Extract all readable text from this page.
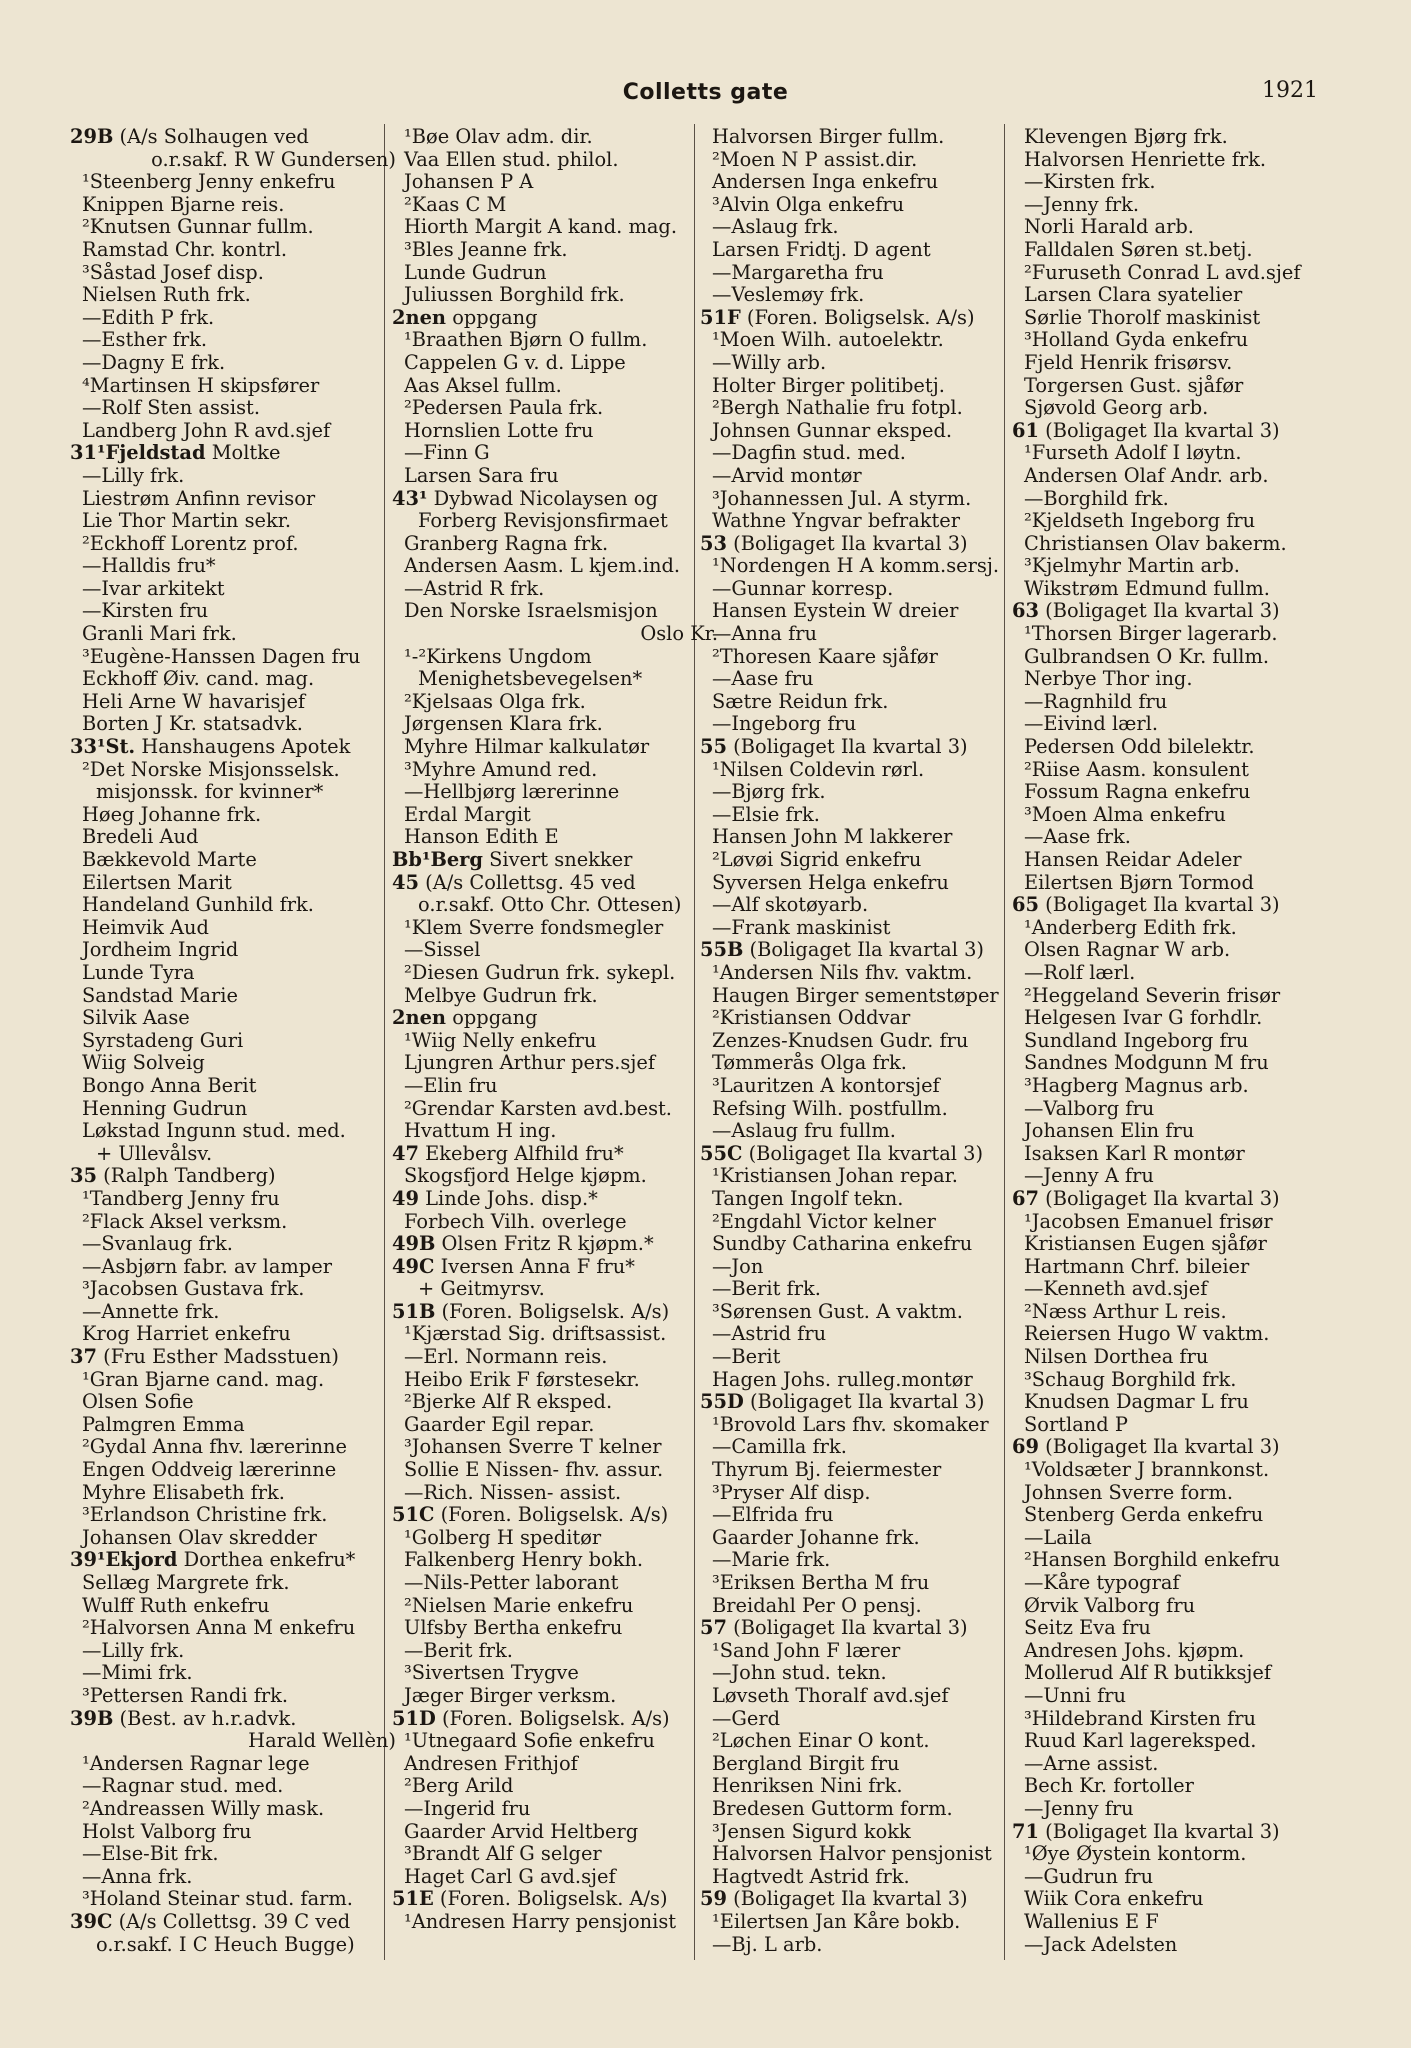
Colletts gate	1921
29B (A/s Solhaugen ved
o.r.sakf. R W Gundersen)
¹Steenberg Jenny enkefru
Knippen Bjarne reis.
²Knutsen Gunnar fullm.
Ramstad Chr. kontrl.
³Såstad Josef disp.
Nielsen Ruth frk.
—Edith P frk.
—Esther frk.
—Dagny E frk.
⁴Martinsen H skipsfører
—Rolf Sten assist.
Landberg John R avd.sjef
31¹Fjeldstad Moltke
—Lilly frk.
Liestrøm Anfinn revisor
Lie Thor Martin sekr.
²Eckhoff Lorentz prof.
—Halldis fru*
—Ivar arkitekt
—Kirsten fru
Granli Mari frk.
³Eugène-Hanssen Dagen fru
Eckhoff Øiv. cand. mag.
Heli Arne W havarisjef
Borten J Kr. statsadvk.
33¹St. Hanshaugens Apotek
²Det Norske Misjonsselsk.
misjonssk. for kvinner*
Høeg Johanne frk.
Bredeli Aud
Bækkevold Marte
Eilertsen Marit
Handeland Gunhild frk.
Heimvik Aud
Jordheim Ingrid
Lunde Tyra
Sandstad Marie
Silvik Aase
Syrstadeng Guri
Wiig Solveig
Bongo Anna Berit
Henning Gudrun
Løkstad Ingunn stud. med.
+ Ullevålsv.
35 (Ralph Tandberg)
¹Tandberg Jenny fru
²Flack Aksel verksm.
—Svanlaug frk.
—Asbjørn fabr. av lamper
³Jacobsen Gustava frk.
—Annette frk.
Krog Harriet enkefru
37 (Fru Esther Madsstuen)
¹Gran Bjarne cand. mag.
Olsen Sofie
Palmgren Emma
²Gydal Anna fhv. lærerinne
Engen Oddveig lærerinne
Myhre Elisabeth frk.
³Erlandson Christine frk.
Johansen Olav skredder
39¹Ekjord Dorthea enkefru*
Sellæg Margrete frk.
Wulff Ruth enkefru
²Halvorsen Anna M enkefru
—Lilly frk.
—Mimi frk.
³Pettersen Randi frk.
39B (Best. av h.r.advk.
Harald Wellèn)
¹Andersen Ragnar lege
—Ragnar stud. med.
²Andreassen Willy mask.
Holst Valborg fru
—Else-Bit frk.
—Anna frk.
³Holand Steinar stud. farm.
39C (A/s Collettsg. 39 C ved
o.r.sakf. I C Heuch Bugge)
¹Bøe Olav adm. dir.
Vaa Ellen stud. philol.
Johansen P A
²Kaas C M
Hiorth Margit A kand. mag.
³Bles Jeanne frk.
Lunde Gudrun
Juliussen Borghild frk.
2nen oppgang
¹Braathen Bjørn O fullm.
Cappelen G v. d. Lippe
Aas Aksel fullm.
²Pedersen Paula frk.
Hornslien Lotte fru
—Finn G
Larsen Sara fru
43¹ Dybwad Nicolaysen og
Forberg Revisjonsfirmaet
Granberg Ragna frk.
Andersen Aasm. L kjem.ind.
—Astrid R frk.
Den Norske Israelsmisjon
Oslo Kr.
¹-²Kirkens Ungdom
Menighetsbevegelsen*
²Kjelsaas Olga frk.
Jørgensen Klara frk.
Myhre Hilmar kalkulatør
³Myhre Amund red.
—Hellbjørg lærerinne
Erdal Margit
Hanson Edith E
Bb¹Berg Sivert snekker
45 (A/s Collettsg. 45 ved
o.r.sakf. Otto Chr. Ottesen)
¹Klem Sverre fondsmegler
—Sissel
²Diesen Gudrun frk. sykepl.
Melbye Gudrun frk.
2nen oppgang
¹Wiig Nelly enkefru
Ljungren Arthur pers.sjef
—Elin fru
²Grendar Karsten avd.best.
Hvattum H ing.
47 Ekeberg Alfhild fru*
Skogsfjord Helge kjøpm.
49 Linde Johs. disp.*
Forbech Vilh. overlege
49B Olsen Fritz R kjøpm.*
49C Iversen Anna F fru*
+ Geitmyrsv.
51B (Foren. Boligselsk. A/s)
¹Kjærstad Sig. driftsassist.
—Erl. Normann reis.
Heibo Erik F førstesekr.
²Bjerke Alf R eksped.
Gaarder Egil repar.
³Johansen Sverre T kelner
Sollie E Nissen- fhv. assur.
—Rich. Nissen- assist.
51C (Foren. Boligselsk. A/s)
¹Golberg H speditør
Falkenberg Henry bokh.
—Nils-Petter laborant
²Nielsen Marie enkefru
Ulfsby Bertha enkefru
—Berit frk.
³Sivertsen Trygve
Jæger Birger verksm.
51D (Foren. Boligselsk. A/s)
¹Utnegaard Sofie enkefru
Andresen Frithjof
²Berg Arild
—Ingerid fru
Gaarder Arvid Heltberg
³Brandt Alf G selger
Haget Carl G avd.sjef
51E (Foren. Boligselsk. A/s)
¹Andresen Harry pensjonist
Halvorsen Birger fullm.
²Moen N P assist.dir.
Andersen Inga enkefru
³Alvin Olga enkefru
—Aslaug frk.
Larsen Fridtj. D agent
—Margaretha fru
—Veslemøy frk.
51F (Foren. Boligselsk. A/s)
¹Moen Wilh. autoelektr.
—Willy arb.
Holter Birger politibetj.
²Bergh Nathalie fru fotpl.
Johnsen Gunnar eksped.
—Dagfin stud. med.
—Arvid montør
³Johannessen Jul. A styrm.
Wathne Yngvar befrakter
53 (Boligaget Ila kvartal 3)
¹Nordengen H A komm.sersj.
—Gunnar korresp.
Hansen Eystein W dreier
—Anna fru
²Thoresen Kaare sjåfør
—Aase fru
Sætre Reidun frk.
—Ingeborg fru
55 (Boligaget Ila kvartal 3)
¹Nilsen Coldevin rørl.
—Bjørg frk.
—Elsie frk.
Hansen John M lakkerer
²Løvøi Sigrid enkefru
Syversen Helga enkefru
—Alf skotøyarb.
—Frank maskinist
55B (Boligaget Ila kvartal 3)
¹Andersen Nils fhv. vaktm.
Haugen Birger sementstøper
²Kristiansen Oddvar
Zenzes-Knudsen Gudr. fru
Tømmerås Olga frk.
³Lauritzen A kontorsjef
Refsing Wilh. postfullm.
—Aslaug fru fullm.
55C (Boligaget Ila kvartal 3)
¹Kristiansen Johan repar.
Tangen Ingolf tekn.
²Engdahl Victor kelner
Sundby Catharina enkefru
—Jon
—Berit frk.
³Sørensen Gust. A vaktm.
—Astrid fru
—Berit
Hagen Johs. rulleg.montør
55D (Boligaget Ila kvartal 3)
¹Brovold Lars fhv. skomaker
—Camilla frk.
Thyrum Bj. feiermester
³Pryser Alf disp.
—Elfrida fru
Gaarder Johanne frk.
—Marie frk.
³Eriksen Bertha M fru
Breidahl Per O pensj.
57 (Boligaget Ila kvartal 3)
¹Sand John F lærer
—John stud. tekn.
Løvseth Thoralf avd.sjef
—Gerd
²Løchen Einar O kont.
Bergland Birgit fru
Henriksen Nini frk.
Bredesen Guttorm form.
³Jensen Sigurd kokk
Halvorsen Halvor pensjonist
Hagtvedt Astrid frk.
59 (Boligaget Ila kvartal 3)
¹Eilertsen Jan Kåre bokb.
—Bj. L arb.
Klevengen Bjørg frk.
Halvorsen Henriette frk.
—Kirsten frk.
—Jenny frk.
Norli Harald arb.
Falldalen Søren st.betj.
²Furuseth Conrad L avd.sjef
Larsen Clara syatelier
Sørlie Thorolf maskinist
³Holland Gyda enkefru
Fjeld Henrik frisørsv.
Torgersen Gust. sjåfør
Sjøvold Georg arb.
61 (Boligaget Ila kvartal 3)
¹Furseth Adolf I løytn.
Andersen Olaf Andr. arb.
—Borghild frk.
²Kjeldseth Ingeborg fru
Christiansen Olav bakerm.
³Kjelmyhr Martin arb.
Wikstrøm Edmund fullm.
63 (Boligaget Ila kvartal 3)
¹Thorsen Birger lagerarb.
Gulbrandsen O Kr. fullm.
Nerbye Thor ing.
—Ragnhild fru
—Eivind lærl.
Pedersen Odd bilelektr.
²Riise Aasm. konsulent
Fossum Ragna enkefru
³Moen Alma enkefru
—Aase frk.
Hansen Reidar Adeler
Eilertsen Bjørn Tormod
65 (Boligaget Ila kvartal 3)
¹Anderberg Edith frk.
Olsen Ragnar W arb.
—Rolf lærl.
²Heggeland Severin frisør
Helgesen Ivar G forhdlr.
Sundland Ingeborg fru
Sandnes Modgunn M fru
³Hagberg Magnus arb.
—Valborg fru
Johansen Elin fru
Isaksen Karl R montør
—Jenny A fru
67 (Boligaget Ila kvartal 3)
¹Jacobsen Emanuel frisør
Kristiansen Eugen sjåfør
Hartmann Chrf. bileier
—Kenneth avd.sjef
²Næss Arthur L reis.
Reiersen Hugo W vaktm.
Nilsen Dorthea fru
³Schaug Borghild frk.
Knudsen Dagmar L fru
Sortland P
69 (Boligaget Ila kvartal 3)
¹Voldsæter J brannkonst.
Johnsen Sverre form.
Stenberg Gerda enkefru
—Laila
²Hansen Borghild enkefru
—Kåre typograf
Ørvik Valborg fru
Seitz Eva fru
Andresen Johs. kjøpm.
Mollerud Alf R butikksjef
—Unni fru
³Hildebrand Kirsten fru
Ruud Karl lagereksped.
—Arne assist.
Bech Kr. fortoller
—Jenny fru
71 (Boligaget Ila kvartal 3)
¹Øye Øystein kontorm.
—Gudrun fru
Wiik Cora enkefru
Wallenius E F
—Jack Adelsten
